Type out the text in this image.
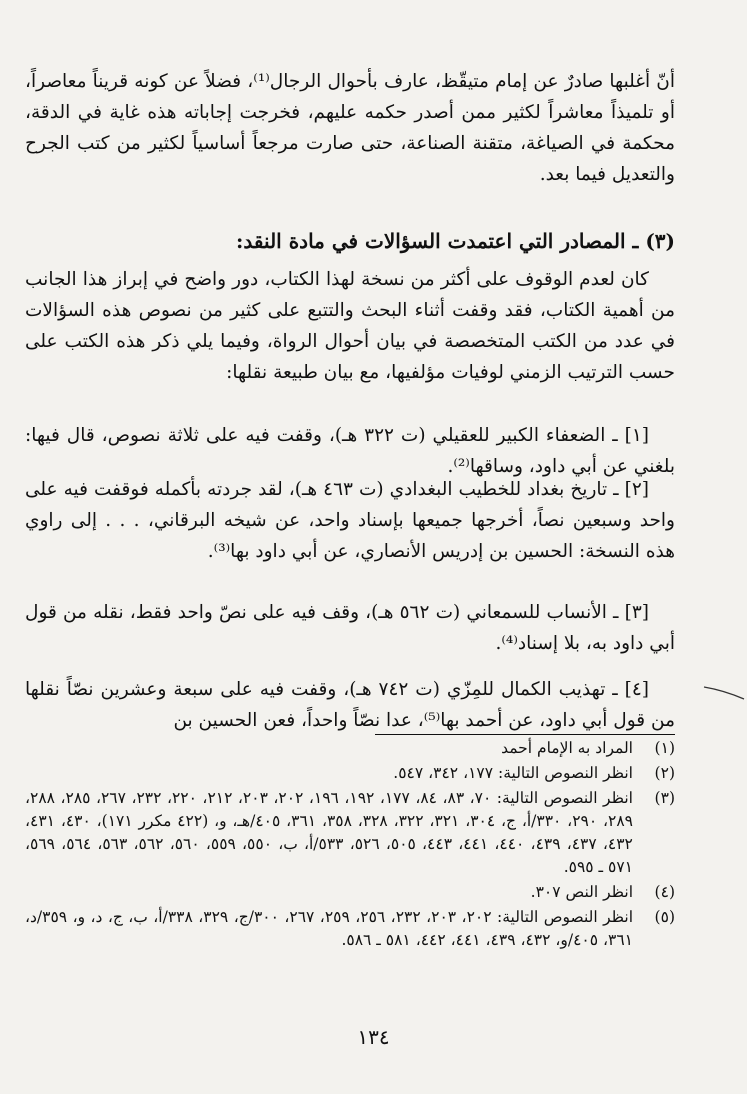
أنّ أغلبها صادرٌ عن إمام متيقّظ، عارف بأحوال الرجال⁽¹⁾، فضلاً عن كونه قريناً معاصراً، أو تلميذاً معاشراً لكثير ممن أصدر حكمه عليهم، فخرجت إجاباته هذه غاية في الدقة، محكمة في الصياغة، متقنة الصناعة، حتى صارت مرجعاً أساسياً لكثير من كتب الجرح والتعديل فيما بعد.

(٣) ـ المصادر التي اعتمدت السؤالات في مادة النقد:

كان لعدم الوقوف على أكثر من نسخة لهذا الكتاب، دور واضح في إبراز هذا الجانب من أهمية الكتاب، فقد وقفت أثناء البحث والتتبع على كثير من نصوص هذه السؤالات في عدد من الكتب المتخصصة في بيان أحوال الرواة، وفيما يلي ذكر هذه الكتب على حسب الترتيب الزمني لوفيات مؤلفيها، مع بيان طبيعة نقلها:

[١] ـ الضعفاء الكبير للعقيلي (ت ٣٢٢ هـ)، وقفت فيه على ثلاثة نصوص، قال فيها: بلغني عن أبي داود، وساقها⁽²⁾.

[٢] ـ تاريخ بغداد للخطيب البغدادي (ت ٤٦٣ هـ)، لقد جردته بأكمله فوقفت فيه على واحد وسبعين نصاً، أخرجها جميعها بإسناد واحد، عن شيخه البرقاني، . . . إلى راوي هذه النسخة: الحسين بن إدريس الأنصاري، عن أبي داود بها⁽³⁾.

[٣] ـ الأنساب للسمعاني (ت ٥٦٢ هـ)، وقف فيه على نصّ واحد فقط، نقله من قول أبي داود به، بلا إسناد⁽⁴⁾.

[٤] ـ تهذيب الكمال للمِزّي (ت ٧٤٢ هـ)، وقفت فيه على سبعة وعشرين نصّاً نقلها من قول أبي داود، عن أحمد بها⁽⁵⁾، عدا نصّاً واحداً، فعن الحسين بن

(١)
المراد به الإمام أحمد
(٢)
انظر النصوص التالية: ١٧٧، ٣٤٢، ٥٤٧.
(٣)
انظر النصوص التالية: ٧٠، ٨٣، ٨٤، ١٧٧، ١٩٢، ١٩٦، ٢٠٢، ٢٠٣، ٢١٢، ٢٢٠، ٢٣٢، ٢٦٧، ٢٨٥، ٢٨٨، ٢٨٩، ٢٩٠، ٣٣٠/أ، ج، ٣٠٤، ٣٢١، ٣٢٢، ٣٢٨، ٣٥٨، ٣٦١، ٤٠٥/هـ، و، (٤٢٢ مكرر ١٧١)، ٤٣٠، ٤٣١، ٤٣٢، ٤٣٧، ٤٣٩، ٤٤٠، ٤٤١، ٤٤٣، ٥٠٥، ٥٢٦، ٥٣٣/أ، ب، ٥٥٠، ٥٥٩، ٥٦٠، ٥٦٢، ٥٦٣، ٥٦٤، ٥٦٩، ٥٧١ ـ ٥٩٥.
(٤)
انظر النص ٣٠٧.
(٥)
انظر النصوص التالية: ٢٠٢، ٢٠٣، ٢٣٢، ٢٥٦، ٢٥٩، ٢٦٧، ٣٠٠/ج، ٣٢٩، ٣٣٨/أ، ب، ج، د، و، ٣٥٩/د، ٣٦١، ٤٠٥/و، ٤٣٢، ٤٣٩، ٤٤١، ٤٤٢، ٥٨١ ـ ٥٨٦.
١٣٤
